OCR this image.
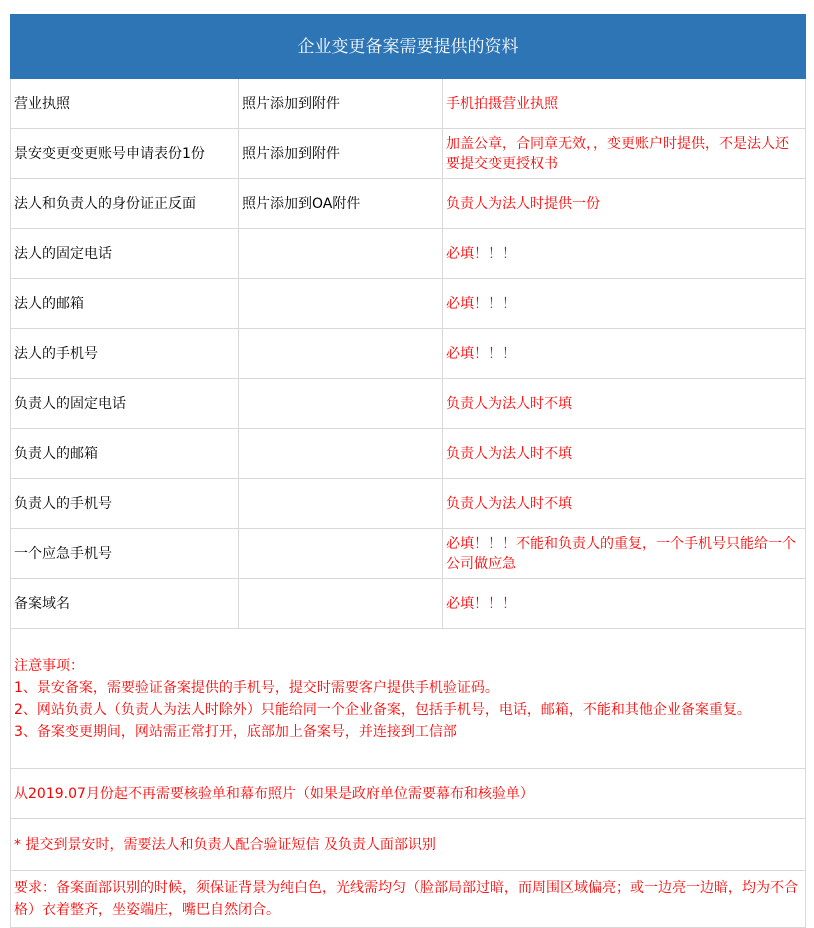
企业变更备案需要提供的资料		
营业执照	照片添加到附件	手机拍摄营业执照
景安变更变更账号申请表份1份	照片添加到附件	加盖公章，合同章无效，，变更账户时提供，不是法人还要提交变更授权书
法人和负责人的身份证正反面	照片添加到OA附件	负责人为法人时提供一份
法人的固定电话		必填！！！
法人的邮箱		必填！！！
法人的手机号		必填！！！
负责人的固定电话		负责人为法人时不填
负责人的邮箱		负责人为法人时不填
负责人的手机号		负责人为法人时不填
一个应急手机号		必填！！！不能和负责人的重复，一个手机号只能给一个公司做应急
备案域名		必填！！！

注意事项：
1、景安备案，需要验证备案提供的手机号，提交时需要客户提供手机验证码。
2、网站负责人（负责人为法人时除外）只能给同一个企业备案，包括手机号，电话，邮箱，不能和其他企业备案重复。
3、备案变更期间，网站需正常打开，底部加上备案号，并连接到工信部		

从2019.07月份起不再需要核验单和幕布照片（如果是政府单位需要幕布和核验单）		
* 提交到景安时，需要法人和负责人配合验证短信 及负责人面部识别		
要求：备案面部识别的时候，须保证背景为纯白色，光线需均匀（脸部局部过暗，而周围区域偏亮；或一边亮一边暗，均为不合格）衣着整齐，坐姿端庄，嘴巴自然闭合。		
